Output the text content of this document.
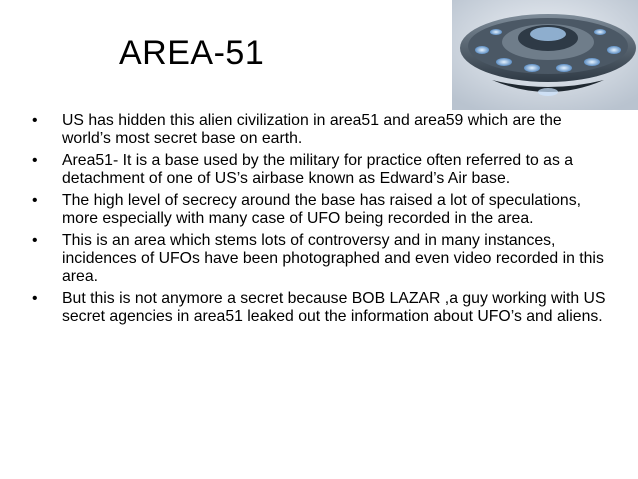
AREA-51
•	US has hidden this alien civilization in area51 and area59 which are the world’s most secret base on earth.
•	Area51- It is a base used by the military for practice often referred to as a detachment of one of US’s airbase known as Edward’s Air base.
•	The high level of secrecy around the base has raised a lot of speculations, more especially with many case of UFO being recorded in the area.
•	This is an area which stems lots of controversy and in many instances, incidences of UFOs have been photographed and even video recorded in this area.
•	But this is not anymore a secret because BOB LAZAR ,a guy working with US secret agencies in area51 leaked out the information about UFO’s and aliens.
